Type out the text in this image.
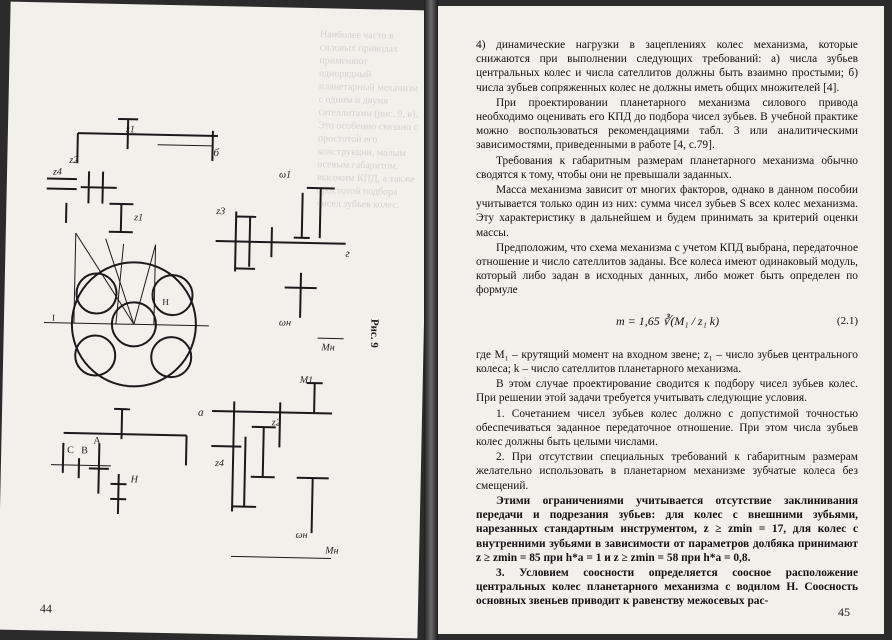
Наиболее часто в силовых приводах применяют однорядный планетарный механизм с одним и двумя сателлитами (рис. 9, в). Это особенно связано с простотой его конструкции, малым осевым габаритом, высоким КПД, а также простотой подбора чисел зубьев колес.
z1
z2
б
z1
z4
I
H
ω1
z3
г
ωн
Mн
C B
A
H
M1
z4
z2
а
ωн
Mн
Рис. 9
44

4) динамические нагрузки в зацеплениях колес механизма, которые снижаются при выполнении следующих требований: а) числа зубьев центральных колес и числа сателлитов должны быть взаимно простыми; б) числа зубьев сопряженных колес не должны иметь общих множителей [4].

При проектировании планетарного механизма силового привода необходимо оценивать его КПД до подбора чисел зубьев. В учебной практике можно воспользоваться рекомендациями табл. 3 или аналитическими зависимостями, приведенными в работе [4, с.79].

Требования к габаритным размерам планетарного механизма обычно сводятся к тому, чтобы они не превышали заданных.

Масса механизма зависит от многих факторов, однако в данном пособии учитывается только один из них: сумма чисел зубьев S всех колес механизма. Эту характеристику в дальнейшем и будем принимать за критерий оценки массы.

Предположим, что схема механизма с учетом КПД выбрана, передаточное отношение и число сателлитов заданы. Все колеса имеют одинаковый модуль, который либо задан в исходных данных, либо может быть определен по формуле

m = 1,65 ∛(M₁ / z₁ k)	(2.1)

где M₁ – крутящий момент на входном звене; z₁ – число зубьев центрального колеса; k – число сателлитов планетарного механизма.

В этом случае проектирование сводится к подбору чисел зубьев колес. При решении этой задачи требуется учитывать следующие условия.

1. Сочетанием чисел зубьев колес должно с допустимой точностью обеспечиваться заданное передаточное отношение. При этом числа зубьев колес должны быть целыми числами.

2. При отсутствии специальных требований к габаритным размерам желательно использовать в планетарном механизме зубчатые колеса без смещений.

Этими ограничениями учитывается отсутствие заклинивания передачи и подрезания зубьев: для колес с внешними зубьями, нарезанных стандартным инструментом, z ≥ zmin = 17, для колес с внутренними зубьями в зависимости от параметров долбяка принимают z ≥ zmin = 85 при h*a = 1 и z ≥ zmin = 58 при h*a = 0,8.

3. Условием соосности определяется соосное расположение центральных колес планетарного механизма с водилом H. Соосность основных звеньев приводит к равенству межосевых рас-

45
